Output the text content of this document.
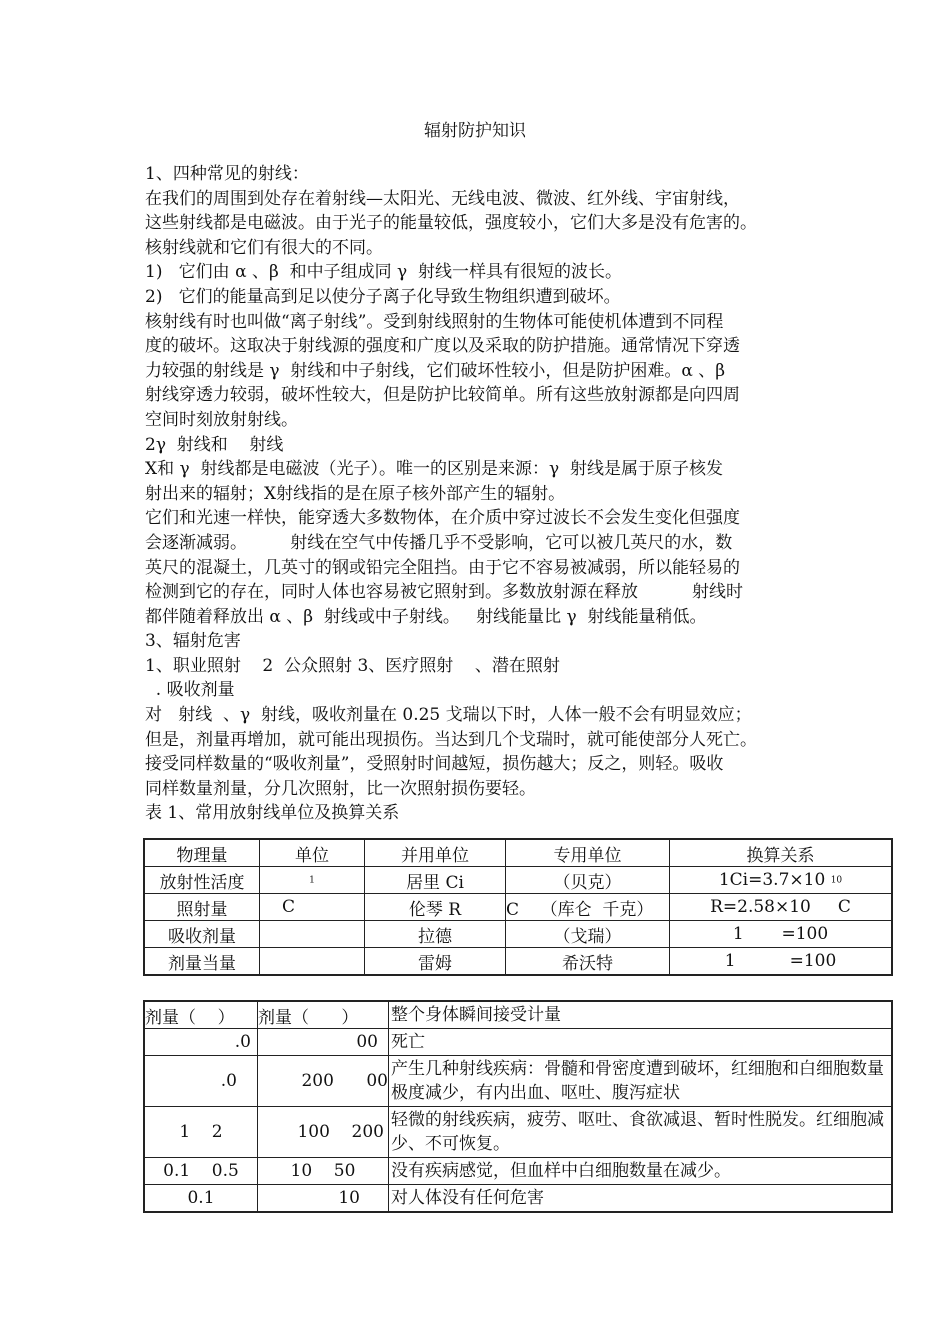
辐射防护知识

1、四种常见的射线：

在我们的周围到处存在着射线—太阳光、无线电波、微波、红外线、宇宙射线，

这些射线都是电磁波。由于光子的能量较低，强度较小，它们大多是没有危害的。

核射线就和它们有很大的不同。

1)   它们由 α 、β  和中子组成同 γ  射线一样具有很短的波长。

2)   它们的能量高到足以使分子离子化导致生物组织遭到破坏。

核射线有时也叫做“离子射线”。受到射线照射的生物体可能使机体遭到不同程

度的破坏。这取决于射线源的强度和广度以及采取的防护措施。通常情况下穿透

力较强的射线是 γ  射线和中子射线，它们破坏性较小，但是防护困难。α 、β

射线穿透力较弱，破坏性较大，但是防护比较简单。所有这些放射源都是向四周

空间时刻放射射线。

2γ  射线和    射线

X和 γ  射线都是电磁波（光子）。唯一的区别是来源：γ  射线是属于原子核发

射出来的辐射；X射线指的是在原子核外部产生的辐射。

它们和光速一样快，能穿透大多数物体，在介质中穿过波长不会发生变化但强度

会逐渐减弱。        射线在空气中传播几乎不受影响，它可以被几英尺的水，数

英尺的混凝土，几英寸的钢或铅完全阻挡。由于它不容易被减弱，所以能轻易的

检测到它的存在，同时人体也容易被它照射到。多数放射源在释放          射线时

都伴随着释放出 α 、β  射线或中子射线。   射线能量比 γ  射线能量稍低。

3、辐射危害

1、职业照射    2  公众照射 3、医疗照射    、潜在照射

. 吸收剂量

对   射线  、γ  射线，吸收剂量在 0.25 戈瑞以下时，人体一般不会有明显效应；

但是，剂量再增加，就可能出现损伤。当达到几个戈瑞时，就可能使部分人死亡。

接受同样数量的“吸收剂量”，受照射时间越短，损伤越大；反之，则轻。吸收

同样数量剂量，分几次照射，比一次照射损伤要轻。

表 1、常用放射线单位及换算关系

物理量	单位	并用单位	专用单位	换算关系
放射性活度	1	居里 Ci	（贝克）	1Ci=3.7×10 10
照射量	C	伦琴 R	C    （库仑  千克）	R=2.58×10     C
吸收剂量		拉德	（戈瑞）	1       =100
剂量当量		雷姆	希沃特	1          =100
剂量（    ）	剂量（      ）	整个身体瞬间接受计量
.0	00	死亡
.0	200      00	产生几种射线疾病：骨髓和骨密度遭到破坏，红细胞和白细胞数量极度减少，有内出血、呕吐、腹泻症状
1    2	100    200	轻微的射线疾病，疲劳、呕吐、食欲减退、暂时性脱发。红细胞减少、不可恢复。
0.1    0.5	10    50	没有疾病感觉，但血样中白细胞数量在减少。
0.1	10	对人体没有任何危害
